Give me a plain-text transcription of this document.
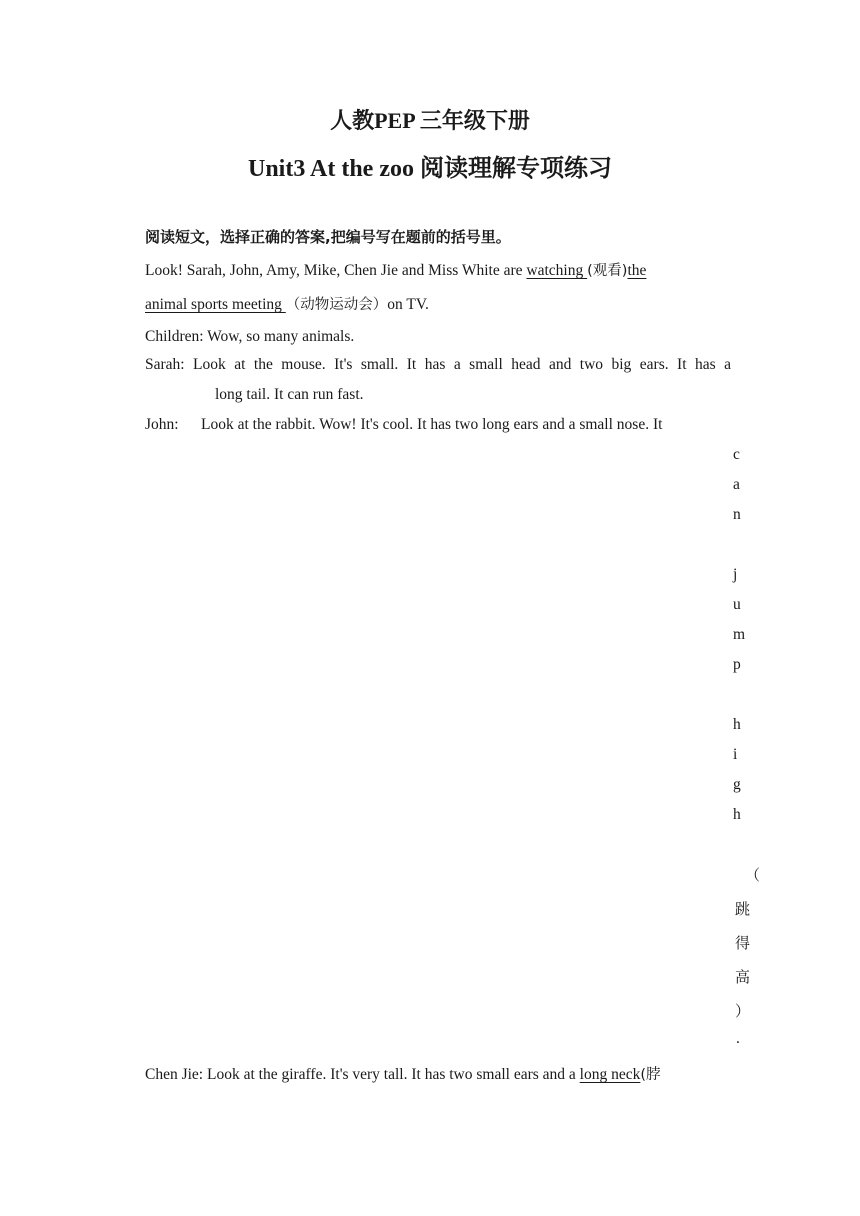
人教PEP 三年级下册
Unit3 At the zoo 阅读理解专项练习
阅读短文，选择正确的答案,把编号写在题前的括号里。
Look! Sarah, John, Amy, Mike, Chen Jie and Miss White are watching (观看)the
animal sports meeting （动物运动会）on TV.
Children: Wow, so many animals.
Sarah: Look at the mouse. It's small. It has a small head and two big ears. It has a
long tail. It can run fast.
John: Look at the rabbit. Wow! It's cool. It has two long ears and a small nose. It
c
a
n
j
u
m
p
h
i
g
h
（
跳
得
高
）
.
Chen Jie: Look at the giraffe. It's very tall. It has two small ears and a long neck(脖
